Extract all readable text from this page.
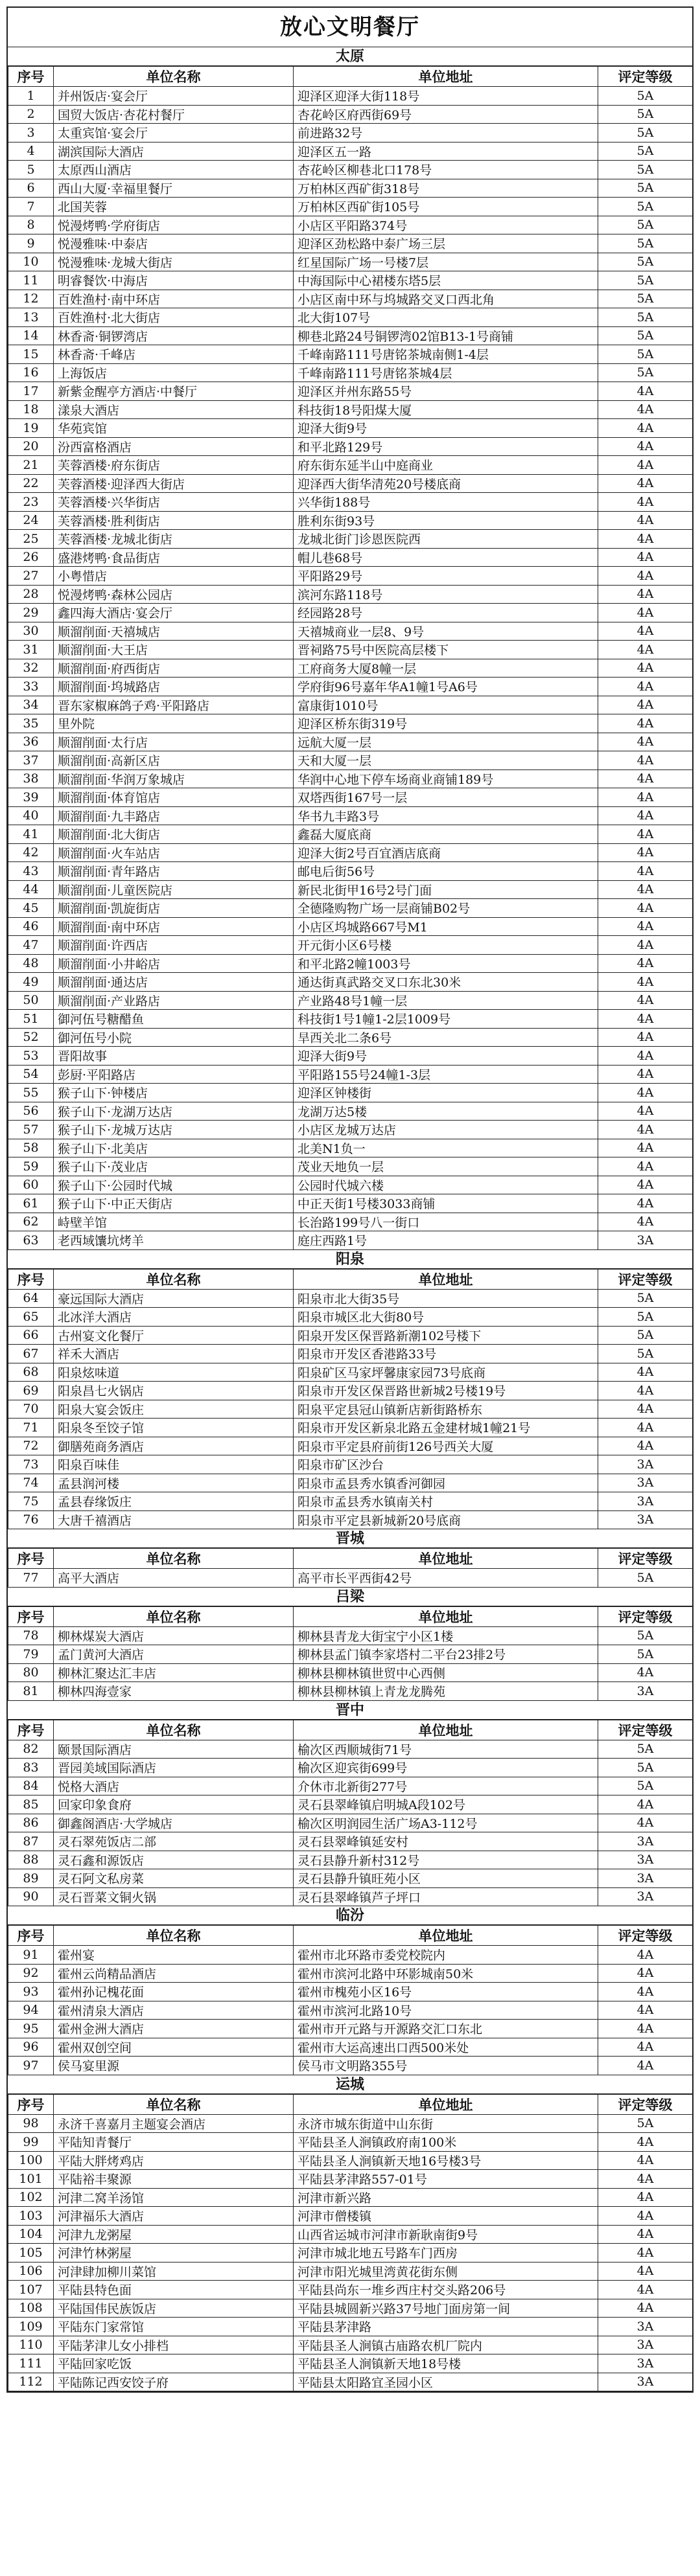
放心文明餐厅
太原
序号	单位名称	单位地址	评定等级
1	并州饭店·宴会厅	迎泽区迎泽大街118号	5A
2	国贸大饭店·杏花村餐厅	杏花岭区府西街69号	5A
3	太重宾馆·宴会厅	前进路32号	5A
4	湖滨国际大酒店	迎泽区五一路	5A
5	太原西山酒店	杏花岭区柳巷北口178号	5A
6	西山大厦·幸福里餐厅	万柏林区西矿街318号	5A
7	北国芙蓉	万柏林区西矿街105号	5A
8	悦漫烤鸭·学府街店	小店区平阳路374号	5A
9	悦漫雅味·中泰店	迎泽区劲松路中泰广场三层	5A
10	悦漫雅味·龙城大街店	红星国际广场一号楼7层	5A
11	明睿餐饮·中海店	中海国际中心裙楼东塔5层	5A
12	百姓渔村·南中环店	小店区南中环与坞城路交叉口西北角	5A
13	百姓渔村·北大街店	北大街107号	5A
14	林香斋·铜锣湾店	柳巷北路24号铜锣湾02馆B13-1号商铺	5A
15	林香斋·千峰店	千峰南路111号唐铭茶城南侧1-4层	5A
16	上海饭店	千峰南路111号唐铭茶城4层	5A
17	新紫金醒亭方酒店·中餐厅	迎泽区并州东路55号	4A
18	漾泉大酒店	科技街18号阳煤大厦	4A
19	华苑宾馆	迎泽大街9号	4A
20	汾西富格酒店	和平北路129号	4A
21	芙蓉酒楼·府东街店	府东街东延半山中庭商业	4A
22	芙蓉酒楼·迎泽西大街店	迎泽西大街华清苑20号楼底商	4A
23	芙蓉酒楼·兴华街店	兴华街188号	4A
24	芙蓉酒楼·胜利街店	胜利东街93号	4A
25	芙蓉酒楼·龙城北街店	龙城北街门诊恩医院西	4A
26	盛港烤鸭·食品街店	帽儿巷68号	4A
27	小粤惜店	平阳路29号	4A
28	悦漫烤鸭·森林公园店	滨河东路118号	4A
29	鑫四海大酒店·宴会厅	经园路28号	4A
30	顺溜削面·天禧城店	天禧城商业一层8、9号	4A
31	顺溜削面·大王店	晋祠路75号中医院高层楼下	4A
32	顺溜削面·府西街店	工府商务大厦8幢一层	4A
33	顺溜削面·坞城路店	学府街96号嘉年华A1幢1号A6号	4A
34	晋东家椒麻鸽子鸡·平阳路店	富康街1010号	4A
35	里外院	迎泽区桥东街319号	4A
36	顺溜削面·太行店	远航大厦一层	4A
37	顺溜削面·高新区店	天和大厦一层	4A
38	顺溜削面·华润万象城店	华润中心地下停车场商业商铺189号	4A
39	顺溜削面·体育馆店	双塔西街167号一层	4A
40	顺溜削面·九丰路店	华书九丰路3号	4A
41	顺溜削面·北大街店	鑫磊大厦底商	4A
42	顺溜削面·火车站店	迎泽大街2号百宜酒店底商	4A
43	顺溜削面·青年路店	邮电后街56号	4A
44	顺溜削面·儿童医院店	新民北街甲16号2号门面	4A
45	顺溜削面·凯旋街店	全德隆购物广场一层商铺B02号	4A
46	顺溜削面·南中环店	小店区坞城路667号M1	4A
47	顺溜削面·许西店	开元街小区6号楼	4A
48	顺溜削面·小井峪店	和平北路2幢1003号	4A
49	顺溜削面·通达店	通达街真武路交叉口东北30米	4A
50	顺溜削面·产业路店	产业路48号1幢一层	4A
51	御河伍号糖醋鱼	科技街1号1幢1-2层1009号	4A
52	御河伍号小院	旱西关北二条6号	4A
53	晋阳故事	迎泽大街9号	4A
54	彭厨·平阳路店	平阳路155号24幢1-3层	4A
55	猴子山下·钟楼店	迎泽区钟楼街	4A
56	猴子山下·龙湖万达店	龙湖万达5楼	4A
57	猴子山下·龙城万达店	小店区龙城万达店	4A
58	猴子山下·北美店	北美N1负一	4A
59	猴子山下·茂业店	茂业天地负一层	4A
60	猴子山下·公园时代城	公园时代城六楼	4A
61	猴子山下·中正天街店	中正天街1号楼3033商铺	4A
62	峙壁羊馆	长治路199号八一街口	4A
63	老西域馕坑烤羊	庭庄西路1号	3A
阳泉
序号	单位名称	单位地址	评定等级
64	豪远国际大酒店	阳泉市北大街35号	5A
65	北冰洋大酒店	阳泉市城区北大街80号	5A
66	古州宴文化餐厅	阳泉开发区保晋路新潮102号楼下	5A
67	祥禾大酒店	阳泉市开发区香港路33号	5A
68	阳泉炫味道	阳泉矿区马家坪馨康家园73号底商	4A
69	阳泉昌七火锅店	阳泉市开发区保晋路世新城2号楼19号	4A
70	阳泉大宴会饭庄	阳泉平定县冠山镇新店新街路桥东	4A
71	阳泉冬至饺子馆	阳泉市开发区新泉北路五金建材城1幢21号	4A
72	御膳苑商务酒店	阳泉市平定县府前街126号西关大厦	4A
73	阳泉百味佳	阳泉市矿区沙台	3A
74	孟县润河楼	阳泉市孟县秀水镇香河御园	3A
75	孟县春缘饭庄	阳泉市孟县秀水镇南关村	3A
76	大唐千禧酒店	阳泉市平定县新城新20号底商	3A
晋城
序号	单位名称	单位地址	评定等级
77	高平大酒店	高平市长平西街42号	5A
吕梁
序号	单位名称	单位地址	评定等级
78	柳林煤炭大酒店	柳林县青龙大街宝宁小区1楼	5A
79	孟门黄河大酒店	柳林县孟门镇李家塔村二平台23排2号	5A
80	柳林汇聚达汇丰店	柳林县柳林镇世贸中心西侧	4A
81	柳林四海壹家	柳林县柳林镇上青龙龙腾苑	3A
晋中
序号	单位名称	单位地址	评定等级
82	颐景国际酒店	榆次区西顺城街71号	5A
83	晋园美域国际酒店	榆次区迎宾街699号	5A
84	悦格大酒店	介休市北新街277号	5A
85	回家印象食府	灵石县翠峰镇启明城A段102号	4A
86	御鑫阁酒店·大学城店	榆次区明润园生活广场A3-112号	4A
87	灵石翠苑饭店二部	灵石县翠峰镇延安村	3A
88	灵石鑫和源饭店	灵石县静升新村312号	3A
89	灵石阿文私房菜	灵石县静升镇旺苑小区	3A
90	灵石晋菜文铜火锅	灵石县翠峰镇芦子坪口	3A
临汾
序号	单位名称	单位地址	评定等级
91	霍州宴	霍州市北环路市委党校院内	4A
92	霍州云尚精品酒店	霍州市滨河北路中环影城南50米	4A
93	霍州孙记槐花面	霍州市槐苑小区16号	4A
94	霍州清泉大酒店	霍州市滨河北路10号	4A
95	霍州金洲大酒店	霍州市开元路与开源路交汇口东北	4A
96	霍州双创空间	霍州市大运高速出口西500米处	4A
97	侯马宴里源	侯马市文明路355号	4A
运城
序号	单位名称	单位地址	评定等级
98	永济千喜嘉月主题宴会酒店	永济市城东街道中山东街	5A
99	平陆知青餐厅	平陆县圣人涧镇政府南100米	4A
100	平陆大胖烤鸡店	平陆县圣人涧镇新天地16号楼3号	4A
101	平陆裕丰聚源	平陆县茅津路557-01号	4A
102	河津二窝羊汤馆	河津市新兴路	4A
103	河津福乐大酒店	河津市僧楼镇	4A
104	河津九龙粥屋	山西省运城市河津市新耿南街9号	4A
105	河津竹林粥屋	河津市城北地五号路车门西房	4A
106	河津肆加柳川菜馆	河津市阳光城里湾黄花街东侧	4A
107	平陆县特色面	平陆县尚东一堆乡西庄村交头路206号	4A
108	平陆国伟民族饭店	平陆县城圆新兴路37号地门面房第一间	4A
109	平陆东门家常馆	平陆县茅津路	3A
110	平陆茅津儿女小排档	平陆县圣人涧镇古庙路农机厂院内	3A
111	平陆回家吃饭	平陆县圣人涧镇新天地18号楼	3A
112	平陆陈记西安饺子府	平陆县太阳路宜圣园小区	3A
